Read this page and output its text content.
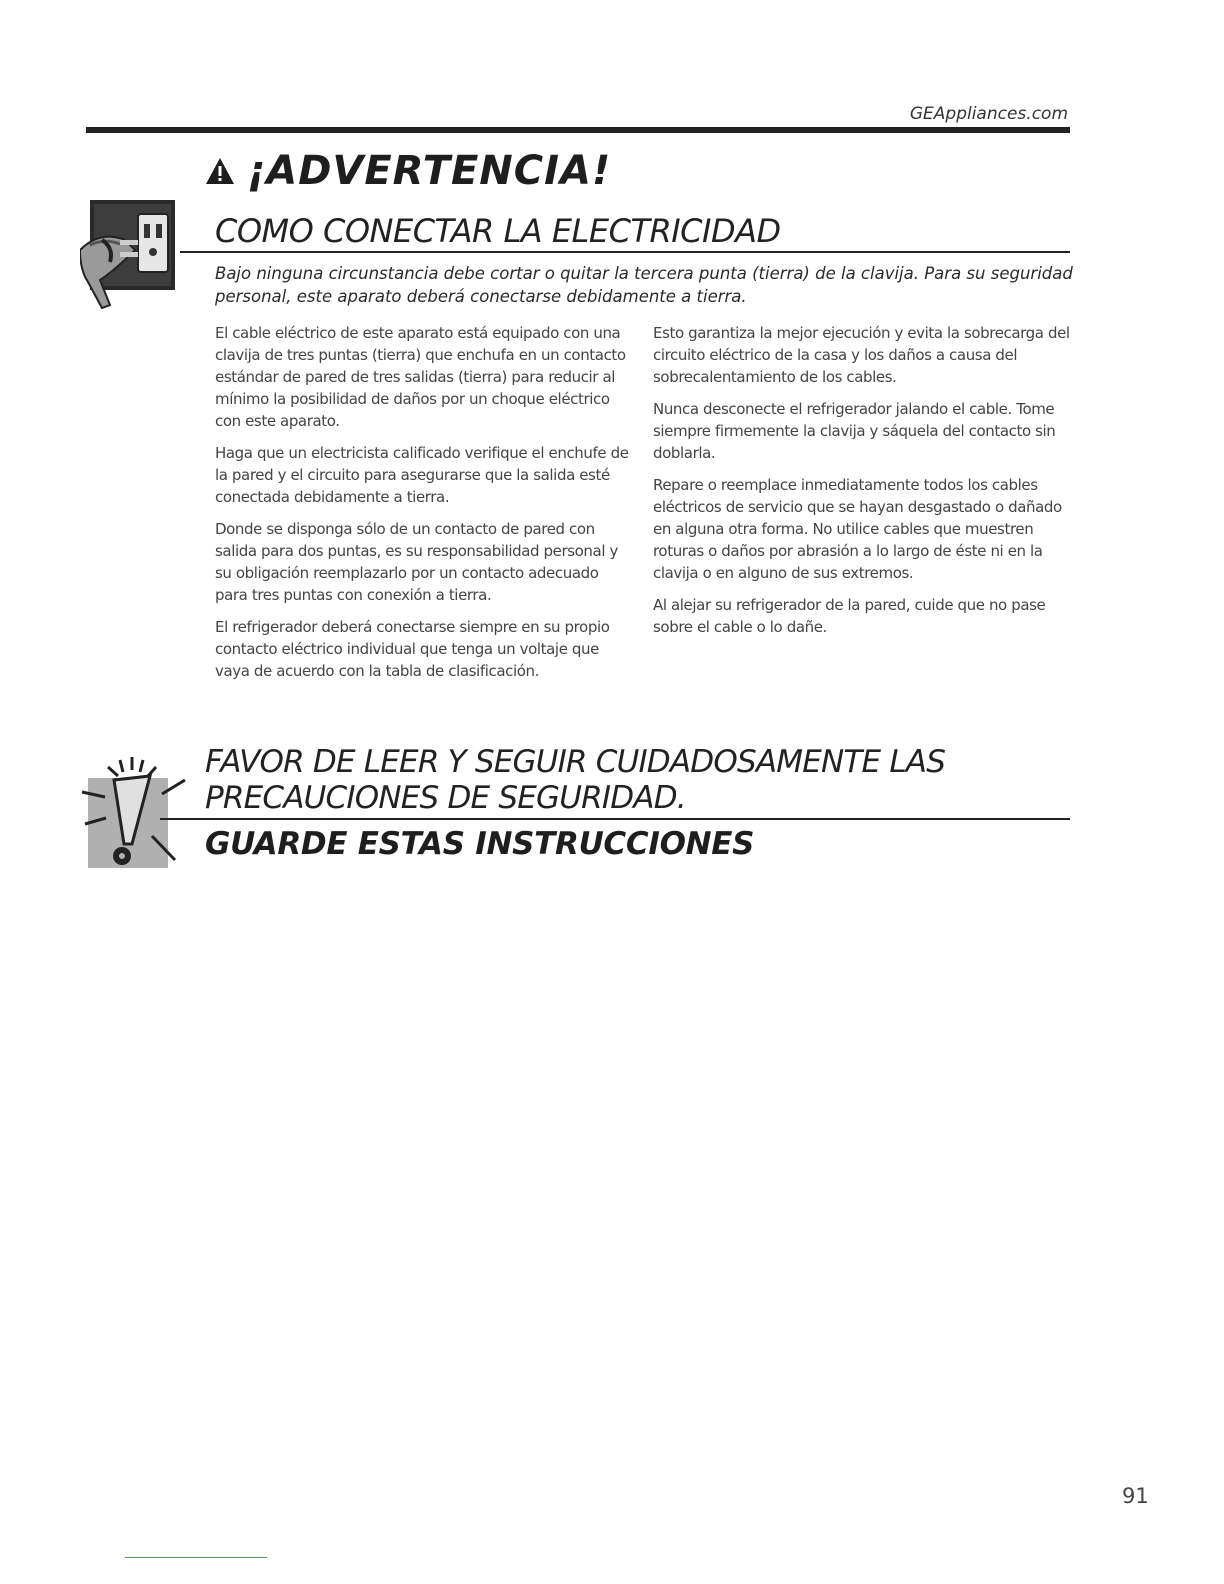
GEAppliances.com
¡ADVERTENCIA!
COMO CONECTAR LA ELECTRICIDAD
Bajo ninguna circunstancia debe cortar o quitar la tercera punta (tierra) de la clavija. Para su seguridad personal, este aparato deberá conectarse debidamente a tierra.

El cable eléctrico de este aparato está equipado con una clavija de tres puntas (tierra) que enchufa en un contacto estándar de pared de tres salidas (tierra) para reducir al mínimo la posibilidad de daños por un choque eléctrico con este aparato.

Haga que un electricista calificado verifique el enchufe de la pared y el circuito para asegurarse que la salida esté conectada debidamente a tierra.

Donde se disponga sólo de un contacto de pared con salida para dos puntas, es su responsabilidad personal y su obligación reemplazarlo por un contacto adecuado para tres puntas con conexión a tierra.

El refrigerador deberá conectarse siempre en su propio contacto eléctrico individual que tenga un voltaje que vaya de acuerdo con la tabla de clasificación.

Esto garantiza la mejor ejecución y evita la sobrecarga del circuito eléctrico de la casa y los daños a causa del sobrecalentamiento de los cables.

Nunca desconecte el refrigerador jalando el cable. Tome siempre firmemente la clavija y sáquela del contacto sin doblarla.

Repare o reemplace inmediatamente todos los cables eléctricos de servicio que se hayan desgastado o dañado en alguna otra forma. No utilice cables que muestren roturas o daños por abrasión a lo largo de éste ni en la clavija o en alguno de sus extremos.

Al alejar su refrigerador de la pared, cuide que no pase sobre el cable o lo dañe.

FAVOR DE LEER Y SEGUIR CUIDADOSAMENTE LAS
PRECAUCIONES DE SEGURIDAD.
GUARDE ESTAS INSTRUCCIONES
91
